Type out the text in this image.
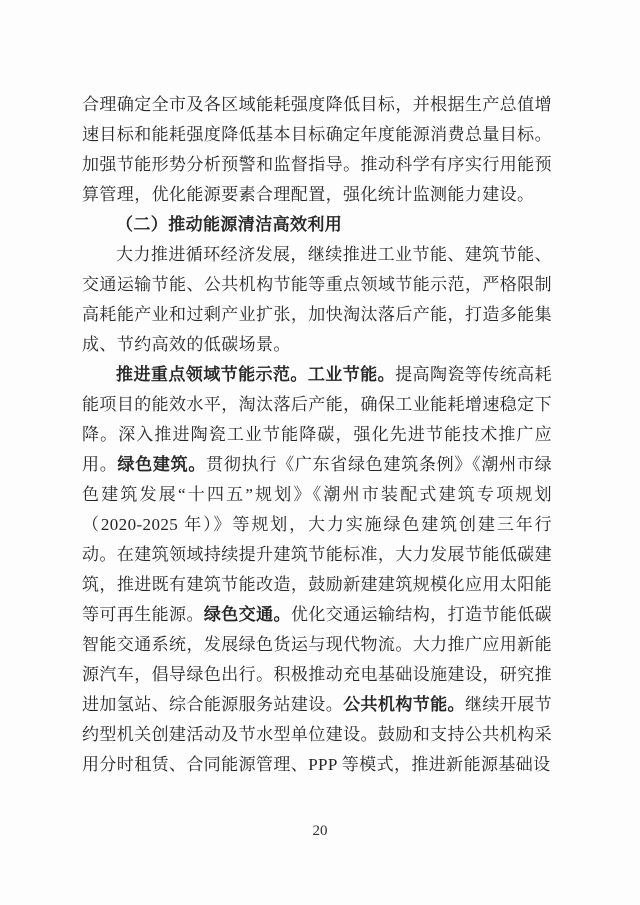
合理确定全市及各区域能耗强度降低目标，并根据生产总值增速目标和能耗强度降低基本目标确定年度能源消费总量目标。加强节能形势分析预警和监督指导。推动科学有序实行用能预算管理，优化能源要素合理配置，强化统计监测能力建设。

（二）推动能源清洁高效利用

大力推进循环经济发展，继续推进工业节能、建筑节能、交通运输节能、公共机构节能等重点领域节能示范，严格限制高耗能产业和过剩产业扩张，加快淘汰落后产能，打造多能集成、节约高效的低碳场景。

推进重点领域节能示范。工业节能。提高陶瓷等传统高耗能项目的能效水平，淘汰落后产能，确保工业能耗增速稳定下降。深入推进陶瓷工业节能降碳，强化先进节能技术推广应用。绿色建筑。贯彻执行《广东省绿色建筑条例》《潮州市绿色建筑发展“十四五”规划》《潮州市装配式建筑专项规划（2020-2025 年）》等规划，大力实施绿色建筑创建三年行动。在建筑领域持续提升建筑节能标准，大力发展节能低碳建筑，推进既有建筑节能改造，鼓励新建建筑规模化应用太阳能等可再生能源。绿色交通。优化交通运输结构，打造节能低碳智能交通系统，发展绿色货运与现代物流。大力推广应用新能源汽车，倡导绿色出行。积极推动充电基础设施建设，研究推进加氢站、综合能源服务站建设。公共机构节能。继续开展节约型机关创建活动及节水型单位建设。鼓励和支持公共机构采用分时租赁、合同能源管理、PPP 等模式，推进新能源基础设

20
